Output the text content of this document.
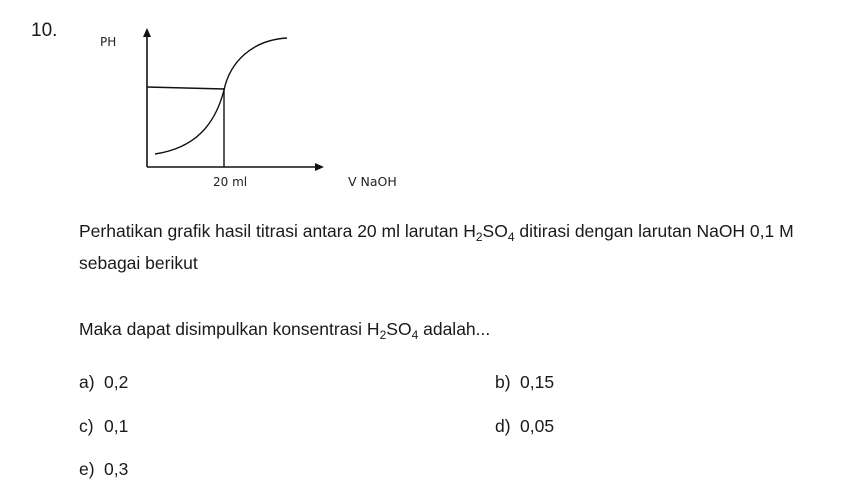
10.
PH
20 ml	V NaOH
Perhatikan grafik hasil titrasi antara 20 ml larutan $H_2SO_4$ ditirasi dengan larutan NaOH 0,1 M
sebagai berikut
Maka dapat disimpulkan konsentrasi $H_2SO_4$ adalah...
a) 0,2	b) 0,15
c) 0,1	d) 0,05
e) 0,3
